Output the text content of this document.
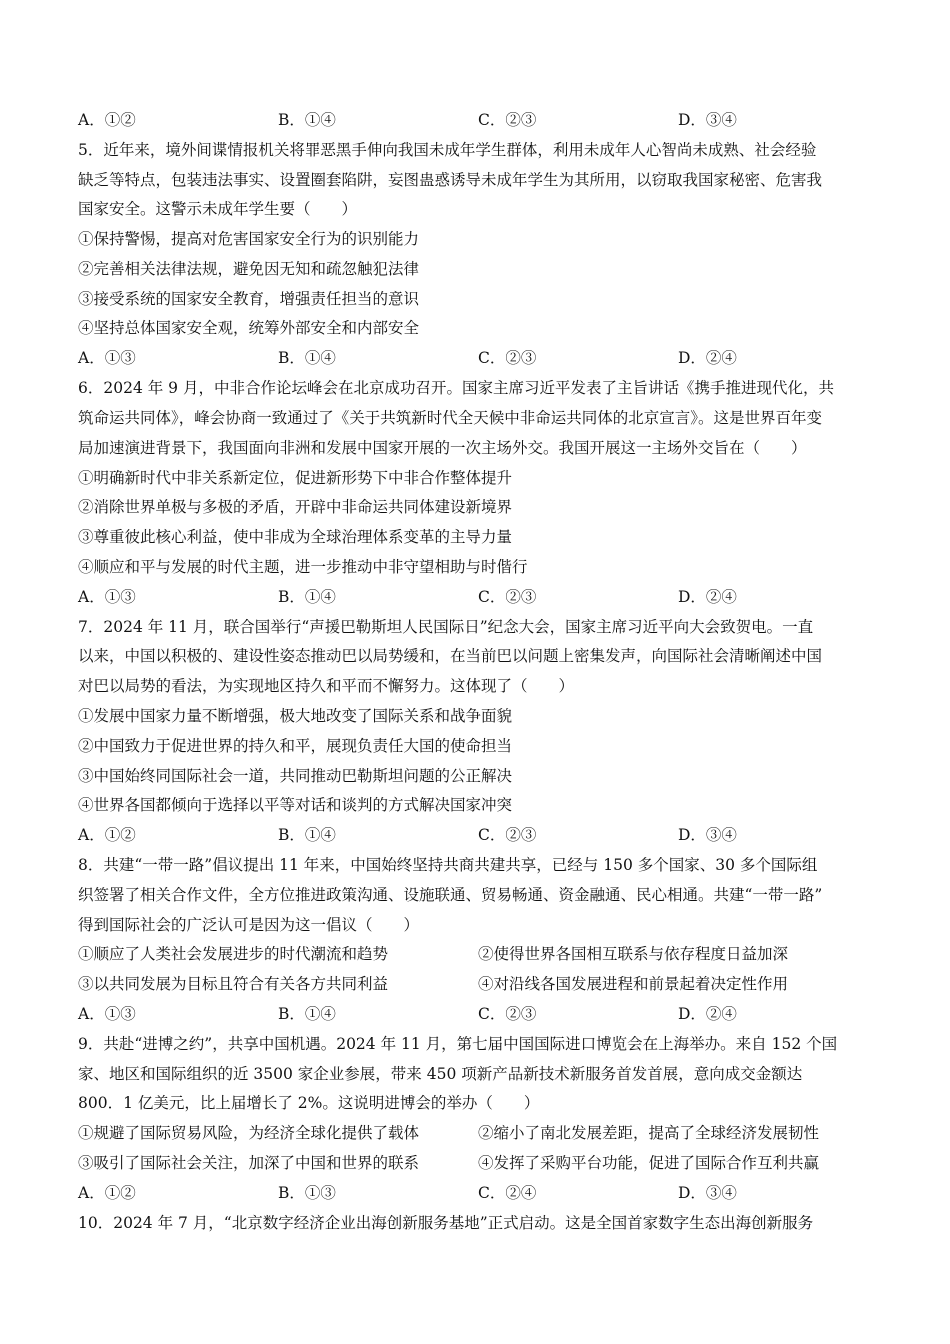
A．①②	B．①④	C．②③	D．③④
5．近年来，境外间谍情报机关将罪恶黑手伸向我国未成年学生群体，利用未成年人心智尚未成熟、社会经验
缺乏等特点，包装违法事实、设置圈套陷阱，妄图蛊惑诱导未成年学生为其所用，以窃取我国家秘密、危害我
国家安全。这警示未成年学生要（　　）
①保持警惕，提高对危害国家安全行为的识别能力
②完善相关法律法规，避免因无知和疏忽触犯法律
③接受系统的国家安全教育，增强责任担当的意识
④坚持总体国家安全观，统筹外部安全和内部安全
A．①③	B．①④	C．②③	D．②④
6．2024 年 9 月，中非合作论坛峰会在北京成功召开。国家主席习近平发表了主旨讲话《携手推进现代化，共
筑命运共同体》，峰会协商一致通过了《关于共筑新时代全天候中非命运共同体的北京宣言》。这是世界百年变
局加速演进背景下，我国面向非洲和发展中国家开展的一次主场外交。我国开展这一主场外交旨在（　　）
①明确新时代中非关系新定位，促进新形势下中非合作整体提升
②消除世界单极与多极的矛盾，开辟中非命运共同体建设新境界
③尊重彼此核心利益，使中非成为全球治理体系变革的主导力量
④顺应和平与发展的时代主题，进一步推动中非守望相助与时偕行
A．①③	B．①④	C．②③	D．②④
7．2024 年 11 月，联合国举行“声援巴勒斯坦人民国际日”纪念大会，国家主席习近平向大会致贺电。一直
以来，中国以积极的、建设性姿态推动巴以局势缓和，在当前巴以问题上密集发声，向国际社会清晰阐述中国
对巴以局势的看法，为实现地区持久和平而不懈努力。这体现了（　　）
①发展中国家力量不断增强，极大地改变了国际关系和战争面貌
②中国致力于促进世界的持久和平，展现负责任大国的使命担当
③中国始终同国际社会一道，共同推动巴勒斯坦问题的公正解决
④世界各国都倾向于选择以平等对话和谈判的方式解决国家冲突
A．①②	B．①④	C．②③	D．③④
8．共建“一带一路”倡议提出 11 年来，中国始终坚持共商共建共享，已经与 150 多个国家、30 多个国际组
织签署了相关合作文件，全方位推进政策沟通、设施联通、贸易畅通、资金融通、民心相通。共建“一带一路”
得到国际社会的广泛认可是因为这一倡议（　　）
①顺应了人类社会发展进步的时代潮流和趋势	②使得世界各国相互联系与依存程度日益加深
③以共同发展为目标且符合有关各方共同利益	④对沿线各国发展进程和前景起着决定性作用
A．①③	B．①④	C．②③	D．②④
9．共赴“进博之约”，共享中国机遇。2024 年 11 月，第七届中国国际进口博览会在上海举办。来自 152 个国
家、地区和国际组织的近 3500 家企业参展，带来 450 项新产品新技术新服务首发首展，意向成交金额达
800．1 亿美元，比上届增长了 2%。这说明进博会的举办（　　）
①规避了国际贸易风险，为经济全球化提供了载体	②缩小了南北发展差距，提高了全球经济发展韧性
③吸引了国际社会关注，加深了中国和世界的联系	④发挥了采购平台功能，促进了国际合作互利共赢
A．①②	B．①③	C．②④	D．③④
10．2024 年 7 月，“北京数字经济企业出海创新服务基地”正式启动。这是全国首家数字生态出海创新服务
